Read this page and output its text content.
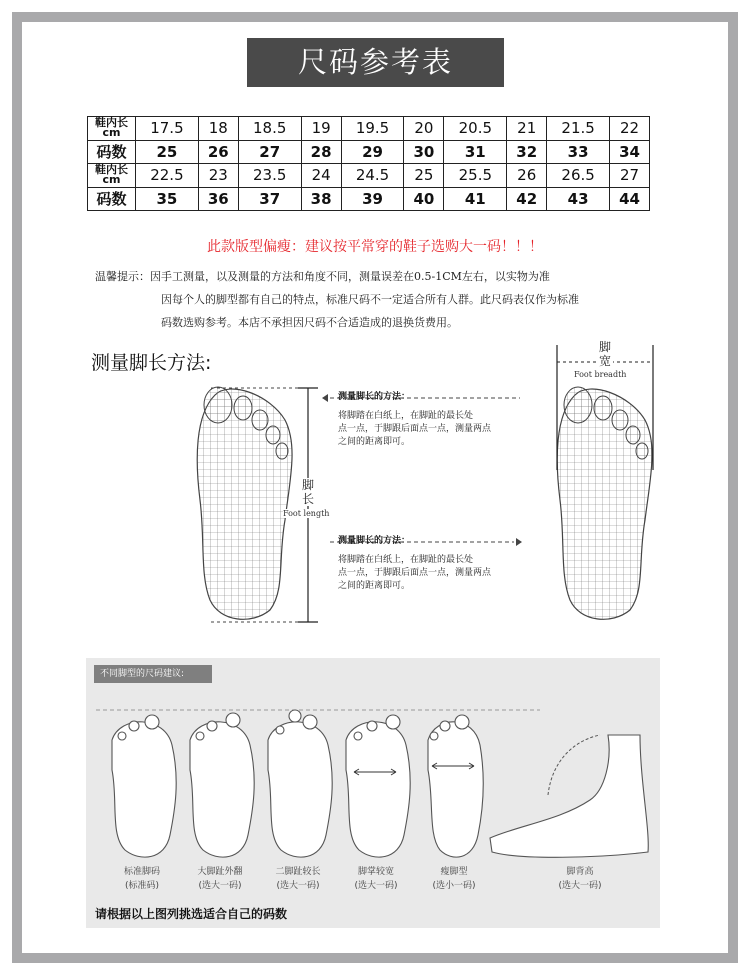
尺码参考表
鞋内长 cm	17.5	18	18.5	19	19.5	20	20.5	21	21.5	22
码数	25	26	27	28	29	30	31	32	33	34
鞋内长 cm	22.5	23	23.5	24	24.5	25	25.5	26	26.5	27
码数	35	36	37	38	39	40	41	42	43	44
此款版型偏瘦：建议按平常穿的鞋子选购大一码！！！
温馨提示：因手工测量，以及测量的方法和角度不同，测量误差在0.5-1CM左右，以实物为准
因每个人的脚型都有自己的特点，标准尺码不一定适合所有人群。此尺码表仅作为标准
码数选购参考。本店不承担因尺码不合适造成的退换货费用。
测量脚长方法:
测量脚长的方法：
将脚踏在白纸上，在脚趾的最长处
点一点，于脚跟后面点一点，测量两点
之间的距离即可。
测量脚长的方法：
将脚踏在白纸上，在脚趾的最长处
点一点，于脚跟后面点一点，测量两点
之间的距离即可。
脚
长
Foot length
脚
宽
Foot breadth
不同脚型的尺码建议:
标准脚码
(标准码)
大脚趾外翻
(选大一码)
二脚趾较长
(选大一码)
脚掌较宽
(选大一码)
瘦脚型
(选小一码)
脚背高
(选大一码)
请根据以上图列挑选适合自己的码数
